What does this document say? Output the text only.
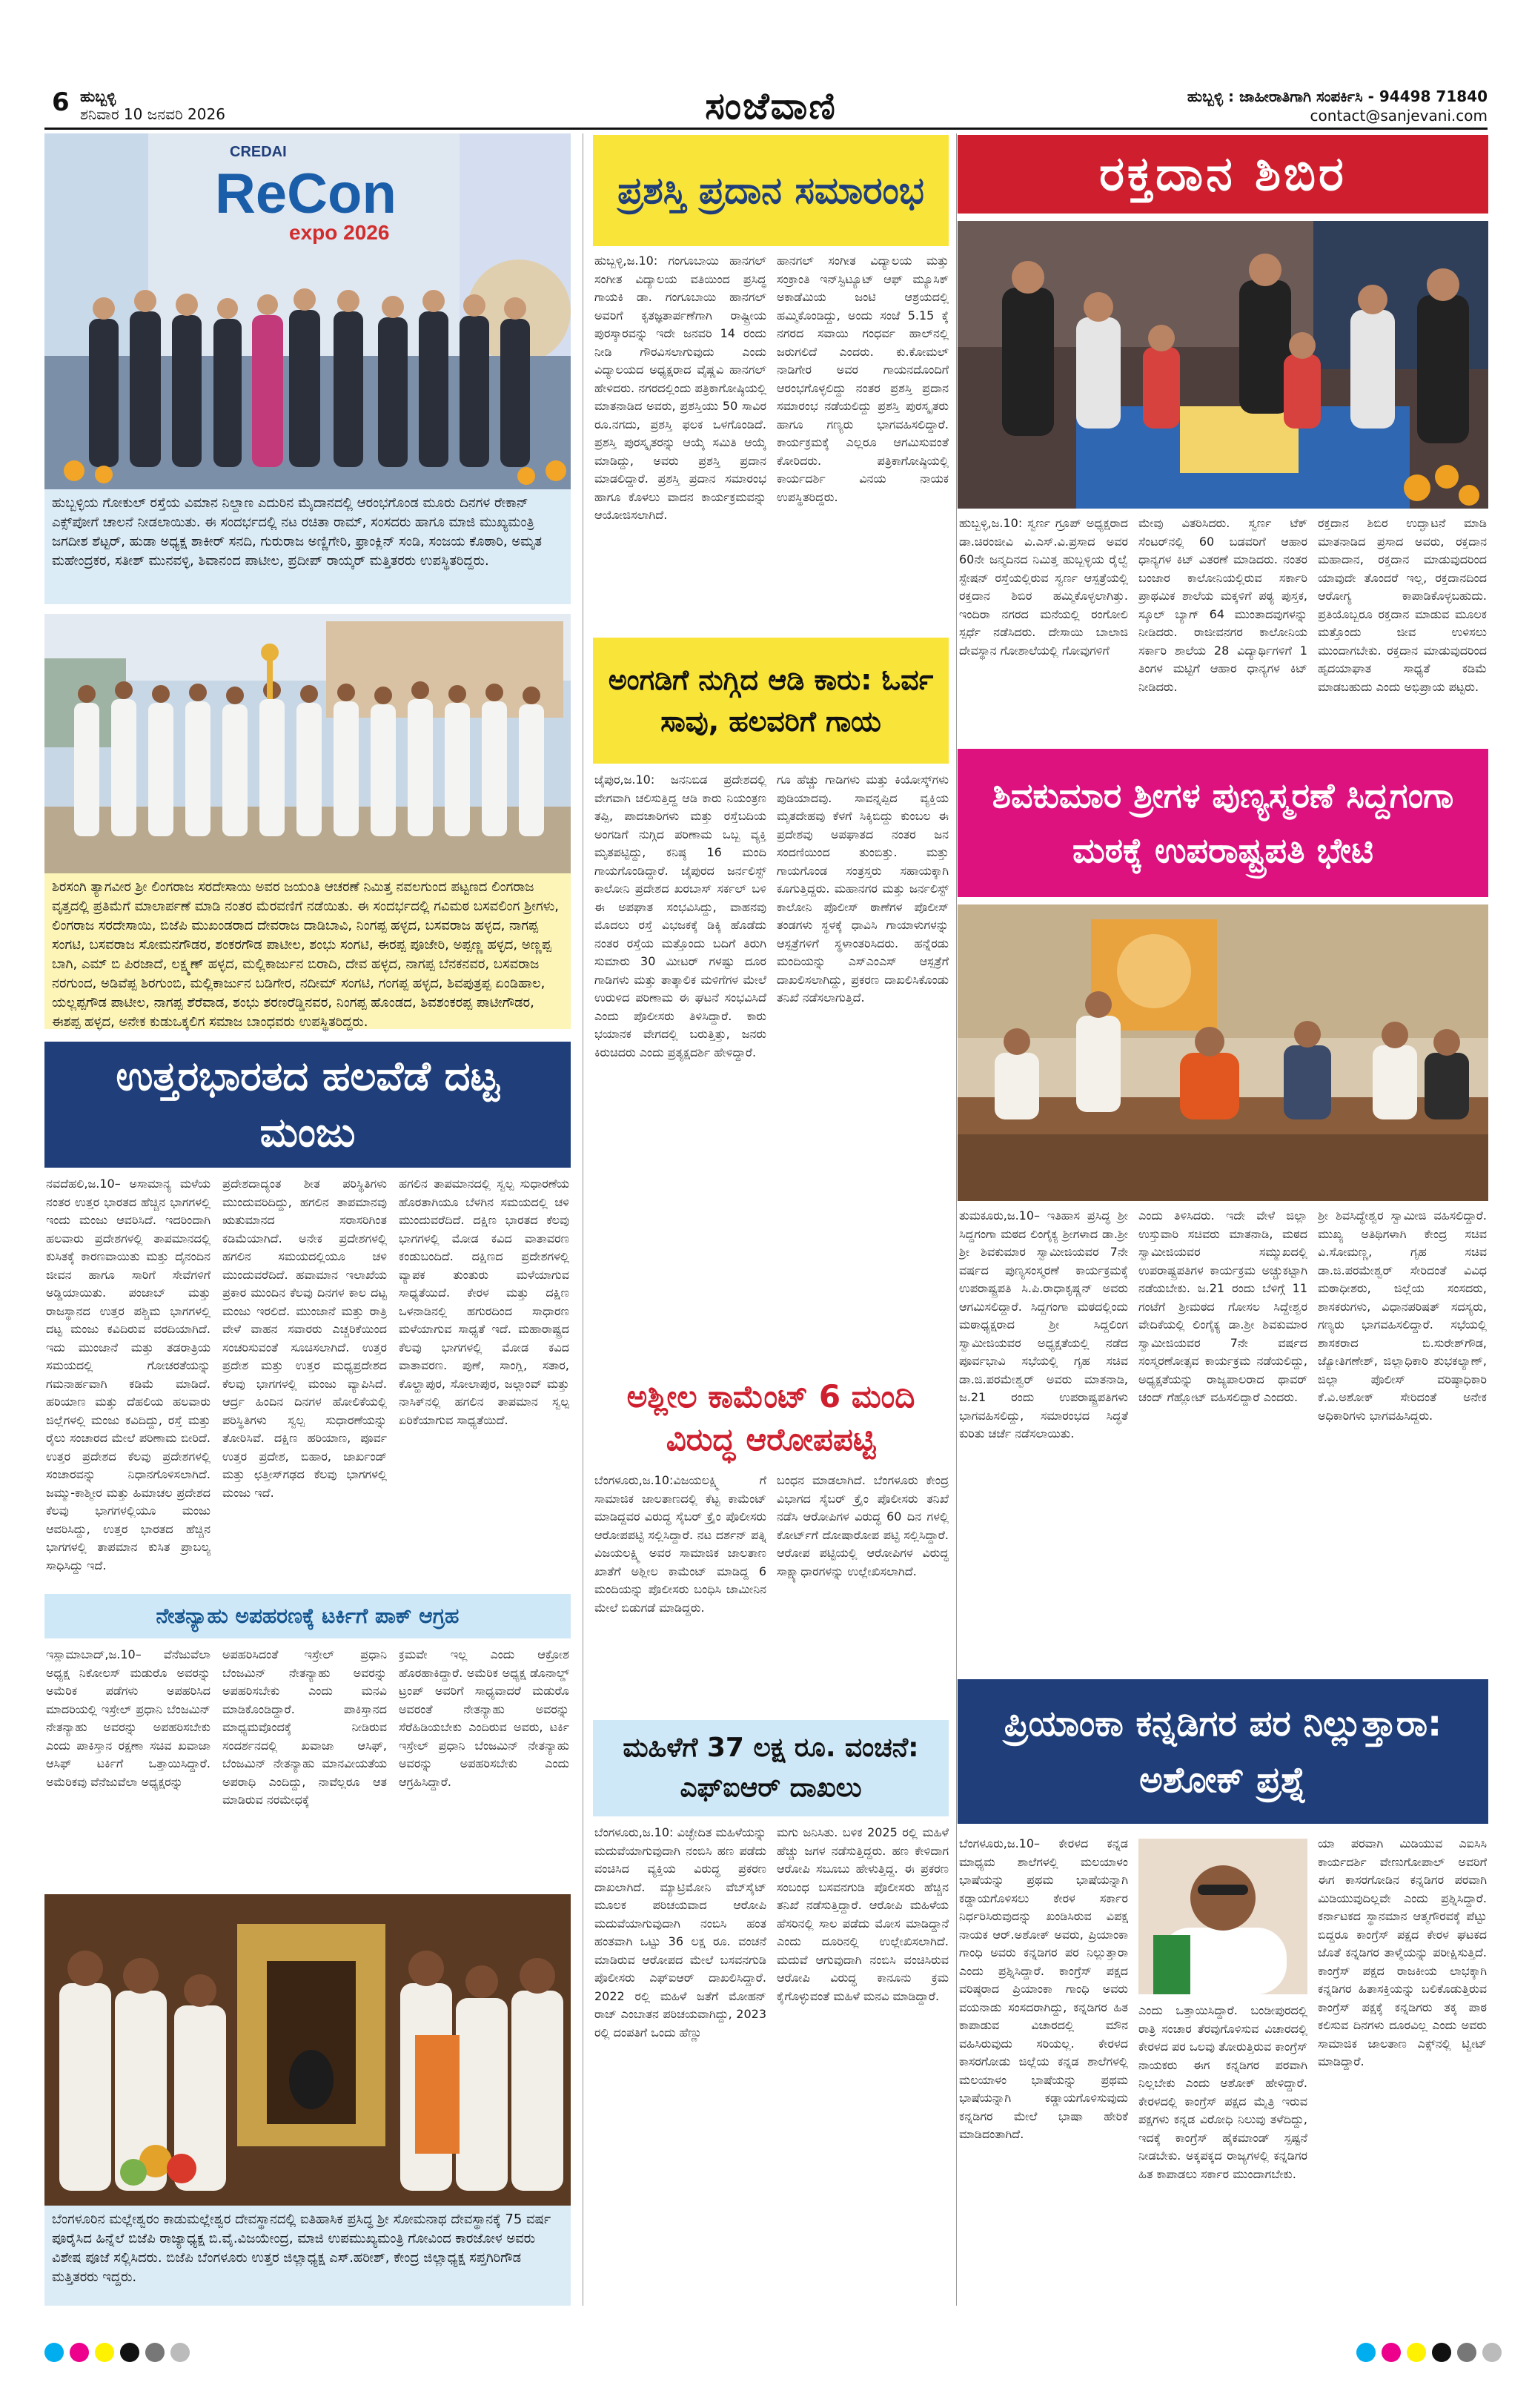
6 ಹುಬ್ಬಳ್ಳಿ
ಶನಿವಾರ 10 ಜನವರಿ 2026	ಸಂಜೆವಾಣಿ	ಹುಬ್ಬಳ್ಳಿ : ಜಾಹೀರಾತಿಗಾಗಿ ಸಂಪರ್ಕಿಸಿ - 94498 71840
contact@sanjevani.com
CREDAI
ReCon
expo 2026
ಹುಬ್ಬಳ್ಳಿಯ ಗೋಕುಲ್ ರಸ್ತೆಯ ವಿಮಾನ ನಿಲ್ದಾಣ ಎದುರಿನ ಮೈದಾನದಲ್ಲಿ ಆರಂಭಗೊಂಡ ಮೂರು ದಿನಗಳ ರೇಕಾನ್ ಎಕ್ಸ್‌ಪೋಗೆ ಚಾಲನೆ ನೀಡಲಾಯಿತು. ಈ ಸಂದರ್ಭದಲ್ಲಿ ನಟ ರಚಿತಾ ರಾಮ್, ಸಂಸದರು ಹಾಗೂ ಮಾಜಿ ಮುಖ್ಯಮಂತ್ರಿ ಜಗದೀಶ ಶೆಟ್ಟರ್, ಹುಡಾ ಅಧ್ಯಕ್ಷ ಶಾಕೀರ್ ಸನದಿ, ಗುರುರಾಜ ಅಣ್ಣಿಗೇರಿ, ಫ್ರಾಂಕ್ಲಿನ್ ಸಂಡಿ, ಸಂಜಯ ಕೊಠಾರಿ, ಅಮೃತ ಮಹೇಂದ್ರಕರ, ಸತೀಶ್ ಮುನವಳ್ಳಿ, ಶಿವಾನಂದ ಪಾಟೀಲ, ಪ್ರದೀಪ್ ರಾಯ್ಕರ್ ಮತ್ತಿತರರು ಉಪಸ್ಥಿತರಿದ್ದರು.
ಶಿರಸಂಗಿ ತ್ಯಾಗವೀರ ಶ್ರೀ ಲಿಂಗರಾಜ ಸರದೇಸಾಯಿ ಅವರ ಜಯಂತಿ ಆಚರಣೆ ನಿಮಿತ್ತ ನವಲಗುಂದ ಪಟ್ಟಣದ ಲಿಂಗರಾಜ ವೃತ್ತದಲ್ಲಿ ಪ್ರತಿಮೆಗೆ ಮಾಲಾರ್ಪಣೆ ಮಾಡಿ ನಂತರ ಮೆರವಣಿಗೆ ನಡೆಯಿತು. ಈ ಸಂದರ್ಭದಲ್ಲಿ ಗವಿಮಠ ಬಸವಲಿಂಗ ಶ್ರೀಗಳು, ಲಿಂಗರಾಜ ಸರದೇಸಾಯಿ, ಬಿಜೆಪಿ ಮುಖಂಡರಾದ ದೇವರಾಜ ದಾಡಿಬಾವಿ, ನಿಂಗಪ್ಪ ಹಳ್ಳದ, ಬಸವರಾಜ ಹಳ್ಳದ, ನಾಗಪ್ಪ ಸಂಗಟಿ, ಬಸವರಾಜ ಸೋಮನಗೌಡರ, ಶಂಕರಗೌಡ ಪಾಟೀಲ, ಶಂಭು ಸಂಗಟಿ, ಈರಪ್ಪ ಪೂಜೇರಿ, ಅಪ್ಪಣ್ಣ ಹಳ್ಳದ, ಅಣ್ಣಪ್ಪ ಬಾಗಿ, ಎಮ್ ಬಿ ಪಿರಜಾದೆ, ಲಕ್ಷ್ಮಣ್ ಹಳ್ಳದ, ಮಲ್ಲಿಕಾರ್ಜುನ ಬಿರಾದಿ, ದೇವ ಹಳ್ಳದ, ನಾಗಪ್ಪ ಬೆನಕನವರ, ಬಸವರಾಜ ನರಗುಂದ, ಅಡಿವೆಪ್ಪ ಶಿರಗುಂಬಿ, ಮಲ್ಲಿಕಾರ್ಜುನ ಬಡಿಗೇರ, ನದೀಮ್ ಸಂಗಟಿ, ಗಂಗಪ್ಪ ಹಳ್ಳದ, ಶಿವಪುತ್ರಪ್ಪ ಏಂಡಿಹಾಲ, ಯಲ್ಲಪ್ಪಗೌಡ ಪಾಟೀಲ, ನಾಗಪ್ಪ ಶೆರೆವಾಡ, ಶಂಭು ಶರಣರೆಡ್ಡಿನವರ, ನಿಂಗಪ್ಪ ಹೊಂಡದ, ಶಿವಶಂಕರಪ್ಪ ಪಾಟೀಗೌಡರ, ಈಶಪ್ಪ ಹಳ್ಳದ, ಅನೇಕ ಕುಡುಒಕ್ಕಲಿಗ ಸಮಾಜ ಬಾಂಧವರು ಉಪಸ್ಥಿತರಿದ್ದರು.
ಉತ್ತರಭಾರತದ ಹಲವೆಡೆ ದಟ್ಟ ಮಂಜು
ನವದೆಹಲಿ,ಜ.10– ಅಸಾಮಾನ್ಯ ಮಳೆಯ ನಂತರ ಉತ್ತರ ಭಾರತದ ಹೆಚ್ಚಿನ ಭಾಗಗಳಲ್ಲಿ ಇಂದು ಮಂಜು ಆವರಿಸಿದೆ. ಇದರಿಂದಾಗಿ ಹಲವಾರು ಪ್ರದೇಶಗಳಲ್ಲಿ ತಾಪಮಾನದಲ್ಲಿ ಕುಸಿತಕ್ಕೆ ಕಾರಣವಾಯಿತು ಮತ್ತು ದೈನಂದಿನ ಜೀವನ ಹಾಗೂ ಸಾರಿಗೆ ಸೇವೆಗಳಿಗೆ ಅಡ್ಡಿಯಾಯಿತು. ಪಂಜಾಬ್ ಮತ್ತು ರಾಜಸ್ಥಾನದ ಉತ್ತರ ಪಶ್ಚಿಮ ಭಾಗಗಳಲ್ಲಿ ದಟ್ಟ ಮಂಜು ಕವಿದಿರುವ ವರದಿಯಾಗಿದೆ. ಇದು ಮುಂಜಾನೆ ಮತ್ತು ತಡರಾತ್ರಿಯ ಸಮಯದಲ್ಲಿ ಗೋಚರತೆಯನ್ನು ಗಮನಾರ್ಹವಾಗಿ ಕಡಿಮೆ ಮಾಡಿದೆ. ಹರಿಯಾಣ ಮತ್ತು ದೆಹಲಿಯ ಹಲವಾರು ಜಿಲ್ಲೆಗಳಲ್ಲಿ ಮಂಜು ಕವಿದಿದ್ದು, ರಸ್ತೆ ಮತ್ತು ರೈಲು ಸಂಚಾರದ ಮೇಲೆ ಪರಿಣಾಮ ಬೀರಿದೆ. ಉತ್ತರ ಪ್ರದೇಶದ ಕೆಲವು ಪ್ರದೇಶಗಳಲ್ಲಿ ಸಂಚಾರವನ್ನು ನಿಧಾನಗೊಳಿಸಲಾಗಿದೆ. ಜಮ್ಮು-ಕಾಶ್ಮೀರ ಮತ್ತು ಹಿಮಾಚಲ ಪ್ರದೇಶದ ಕೆಲವು ಭಾಗಗಳಲ್ಲಿಯೂ ಮಂಜು ಆವರಿಸಿದ್ದು, ಉತ್ತರ ಭಾರತದ ಹೆಚ್ಚಿನ ಭಾಗಗಳಲ್ಲಿ ತಾಪಮಾನ ಕುಸಿತ ಪ್ರಾಬಲ್ಯ ಸಾಧಿಸಿದ್ದು ಇದೆ.
ಪ್ರದೇಶದಾದ್ಯಂತ ಶೀತ ಪರಿಸ್ಥಿತಿಗಳು ಮುಂದುವರಿದಿದ್ದು, ಹಗಲಿನ ತಾಪಮಾನವು ಋತುಮಾನದ ಸರಾಸರಿಗಿಂತ ಕಡಿಮೆಯಾಗಿದೆ. ಅನೇಕ ಪ್ರದೇಶಗಳಲ್ಲಿ ಹಗಲಿನ ಸಮಯದಲ್ಲಿಯೂ ಚಳಿ ಮುಂದುವರೆದಿದೆ. ಹವಾಮಾನ ಇಲಾಖೆಯ ಪ್ರಕಾರ ಮುಂದಿನ ಕೆಲವು ದಿನಗಳ ಕಾಲ ದಟ್ಟ ಮಂಜು ಇರಲಿದೆ. ಮುಂಜಾನೆ ಮತ್ತು ರಾತ್ರಿ ವೇಳೆ ವಾಹನ ಸವಾರರು ಎಚ್ಚರಿಕೆಯಿಂದ ಸಂಚರಿಸುವಂತೆ ಸೂಚಿಸಲಾಗಿದೆ. ಉತ್ತರ ಪ್ರದೇಶ ಮತ್ತು ಉತ್ತರ ಮಧ್ಯಪ್ರದೇಶದ ಕೆಲವು ಭಾಗಗಳಲ್ಲಿ ಮಂಜು ವ್ಯಾಪಿಸಿದೆ. ಆರ್ದ್ರ ಹಿಂದಿನ ದಿನಗಳ ಹೋಲಿಕೆಯಲ್ಲಿ ಪರಿಸ್ಥಿತಿಗಳು ಸ್ವಲ್ಪ ಸುಧಾರಣೆಯನ್ನು ತೋರಿಸಿವೆ. ದಕ್ಷಿಣ ಹರಿಯಾಣ, ಪೂರ್ವ ಉತ್ತರ ಪ್ರದೇಶ, ಬಿಹಾರ, ಜಾರ್ಖಂಡ್ ಮತ್ತು ಛತ್ತೀಸ್‌ಗಢದ ಕೆಲವು ಭಾಗಗಳಲ್ಲಿ ಮಂಜು ಇದೆ.
ಹಗಲಿನ ತಾಪಮಾನದಲ್ಲಿ ಸ್ವಲ್ಪ ಸುಧಾರಣೆಯ ಹೊರತಾಗಿಯೂ ಬೆಳಗಿನ ಸಮಯದಲ್ಲಿ ಚಳಿ ಮುಂದುವರೆದಿದೆ. ದಕ್ಷಿಣ ಭಾರತದ ಕೆಲವು ಭಾಗಗಳಲ್ಲಿ ಮೋಡ ಕವಿದ ವಾತಾವರಣ ಕಂಡುಬಂದಿದೆ. ದಕ್ಷಿಣದ ಪ್ರದೇಶಗಳಲ್ಲಿ ವ್ಯಾಪಕ ತುಂತುರು ಮಳೆಯಾಗುವ ಸಾಧ್ಯತೆಯಿದೆ. ಕೇರಳ ಮತ್ತು ದಕ್ಷಿಣ ಒಳನಾಡಿನಲ್ಲಿ ಹಗುರದಿಂದ ಸಾಧಾರಣ ಮಳೆಯಾಗುವ ಸಾಧ್ಯತೆ ಇದೆ. ಮಹಾರಾಷ್ಟ್ರದ ಕೆಲವು ಭಾಗಗಳಲ್ಲಿ ಮೋಡ ಕವಿದ ವಾತಾವರಣ. ಪುಣೆ, ಸಾಂಗ್ಲಿ, ಸತಾರ, ಕೊಲ್ಹಾಪುರ, ಸೋಲಾಪುರ, ಜಲ್ಗಾಂವ್ ಮತ್ತು ನಾಸಿಕ್‌ನಲ್ಲಿ ಹಗಲಿನ ತಾಪಮಾನ ಸ್ವಲ್ಪ ಏರಿಕೆಯಾಗುವ ಸಾಧ್ಯತೆಯಿದೆ.
ನೇತನ್ಯಾಹು ಅಪಹರಣಕ್ಕೆ ಟರ್ಕಿಗೆ ಪಾಕ್ ಆಗ್ರಹ
ಇಸ್ಲಾಮಾಬಾದ್,ಜ.10– ವೆನೆಜುವೆಲಾ ಅಧ್ಯಕ್ಷ ನಿಕೋಲಸ್ ಮಡುರೊ ಅವರನ್ನು ಅಮೆರಿಕ ಪಡೆಗಳು ಅಪಹರಿಸಿದ ಮಾದರಿಯಲ್ಲಿ ಇಸ್ರೇಲ್ ಪ್ರಧಾನಿ ಬೆಂಜಮಿನ್ ನೇತನ್ಯಾಹು ಅವರನ್ನು ಅಪಹರಿಸಬೇಕು ಎಂದು ಪಾಕಿಸ್ತಾನ ರಕ್ಷಣಾ ಸಚಿವ ಖವಾಜಾ ಆಸಿಫ್ ಟರ್ಕಿಗೆ ಒತ್ತಾಯಿಸಿದ್ದಾರೆ. ಅಮೆರಿಕವು ವೆನೆಜುವೆಲಾ ಅಧ್ಯಕ್ಷರನ್ನು
ಅಪಹರಿಸಿದಂತೆ ಇಸ್ರೇಲ್ ಪ್ರಧಾನಿ ಬೆಂಜಮಿನ್ ನೇತನ್ಯಾಹು ಅವರನ್ನು ಅಪಹರಿಸಬೇಕು ಎಂದು ಮನವಿ ಮಾಡಿಕೊಂಡಿದ್ದಾರೆ. ಪಾಕಿಸ್ತಾನದ ಮಾಧ್ಯಮವೊಂದಕ್ಕೆ ನೀಡಿರುವ ಸಂದರ್ಶನದಲ್ಲಿ ಖವಾಜಾ ಆಸಿಫ್, ಬೆಂಜಮಿನ್ ನೇತನ್ಯಾಹು ಮಾನವೀಯತೆಯ ಅಪರಾಧಿ ಎಂದಿದ್ದು, ನಾವೆಲ್ಲರೂ ಆತ ಮಾಡಿರುವ ನರಮೇಧಕ್ಕೆ
ಕ್ರಮವೇ ಇಲ್ಲ ಎಂದು ಆಕ್ರೋಶ ಹೊರಹಾಕಿದ್ದಾರೆ. ಅಮೆರಿಕ ಅಧ್ಯಕ್ಷ ಡೊನಾಲ್ಡ್ ಟ್ರಂಪ್ ಅವರಿಗೆ ಸಾಧ್ಯವಾದರೆ ಮಡುರೊ ಅವರಂತೆ ನೇತನ್ಯಾಹು ಅವರನ್ನು ಸೆರೆಹಿಡಿಯಬೇಕು ಎಂದಿರುವ ಅವರು, ಟರ್ಕಿ ಇಸ್ರೇಲ್ ಪ್ರಧಾನಿ ಬೆಂಜಮಿನ್ ನೇತನ್ಯಾಹು ಅವರನ್ನು ಅಪಹರಿಸಬೇಕು ಎಂದು ಆಗ್ರಹಿಸಿದ್ದಾರೆ.
ಬೆಂಗಳೂರಿನ ಮಲ್ಲೇಶ್ವರಂ ಕಾಡುಮಲ್ಲೇಶ್ವರ ದೇವಸ್ಥಾನದಲ್ಲಿ ಐತಿಹಾಸಿಕ ಪ್ರಸಿದ್ಧ ಶ್ರೀ ಸೋಮನಾಥ ದೇವಸ್ಥಾನಕ್ಕೆ 75 ವರ್ಷ ಪೂರೈಸಿದ ಹಿನ್ನೆಲೆ ಬಿಜೆಪಿ ರಾಜ್ಯಾಧ್ಯಕ್ಷ ಬಿ.ವೈ.ವಿಜಯೇಂದ್ರ, ಮಾಜಿ ಉಪಮುಖ್ಯಮಂತ್ರಿ ಗೋವಿಂದ ಕಾರಜೋಳ ಅವರು ವಿಶೇಷ ಪೂಜೆ ಸಲ್ಲಿಸಿದರು. ಬಿಜೆಪಿ ಬೆಂಗಳೂರು ಉತ್ತರ ಜಿಲ್ಲಾಧ್ಯಕ್ಷ ಎಸ್.ಹರೀಶ್, ಕೇಂದ್ರ ಜಿಲ್ಲಾಧ್ಯಕ್ಷ ಸಪ್ತಗಿರಿಗೌಡ ಮತ್ತಿತರರು ಇದ್ದರು.
ಪ್ರಶಸ್ತಿ ಪ್ರದಾನ ಸಮಾರಂಭ
ಹುಬ್ಬಳ್ಳಿ,ಜ.10: ಗಂಗೂಬಾಯಿ ಹಾನಗಲ್ ಸಂಗೀತ ವಿದ್ಯಾಲಯ ವತಿಯಿಂದ ಪ್ರಸಿದ್ಧ ಗಾಯಕಿ ಡಾ. ಗಂಗೂಬಾಯಿ ಹಾನಗಲ್ ಅವರಿಗೆ ಕೃತಜ್ಞತಾರ್ಪಣೆಗಾಗಿ ರಾಷ್ಟ್ರೀಯ ಪುರಸ್ಕಾರವನ್ನು ಇದೇ ಜನವರಿ 14 ರಂದು ನೀಡಿ ಗೌರವಿಸಲಾಗುವುದು ಎಂದು ವಿದ್ಯಾಲಯದ ಅಧ್ಯಕ್ಷರಾದ ವೈಷ್ಣವಿ ಹಾನಗಲ್ ಹೇಳಿದರು. ನಗರದಲ್ಲಿಂದು ಪತ್ರಿಕಾಗೋಷ್ಠಿಯಲ್ಲಿ ಮಾತನಾಡಿದ ಅವರು, ಪ್ರಶಸ್ತಿಯು 50 ಸಾವಿರ ರೂ.ನಗದು, ಪ್ರಶಸ್ತಿ ಫಲಕ ಒಳಗೊಂಡಿದೆ. ಪ್ರಶಸ್ತಿ ಪುರಸ್ಕೃತರನ್ನು ಆಯ್ಕೆ ಸಮಿತಿ ಆಯ್ಕೆ ಮಾಡಿದ್ದು, ಅವರು ಪ್ರಶಸ್ತಿ ಪ್ರದಾನ ಮಾಡಲಿದ್ದಾರೆ. ಪ್ರಶಸ್ತಿ ಪ್ರದಾನ ಸಮಾರಂಭ ಹಾಗೂ ಕೊಳಲು ವಾದನ ಕಾರ್ಯಕ್ರಮವನ್ನು ಆಯೋಜಿಸಲಾಗಿದೆ.
ಹಾನಗಲ್ ಸಂಗೀತ ವಿದ್ಯಾಲಯ ಮತ್ತು ಸಂಕ್ರಾಂತಿ ಇನ್‌ಸ್ಟಿಟ್ಯೂಟ್ ಆಫ್ ಮ್ಯೂಸಿಕ್ ಅಕಾಡೆಮಿಯ ಜಂಟಿ ಆಶ್ರಯದಲ್ಲಿ ಹಮ್ಮಿಕೊಂಡಿದ್ದು, ಅಂದು ಸಂಜೆ 5.15 ಕ್ಕೆ ನಗರದ ಸವಾಯಿ ಗಂಧರ್ವ ಹಾಲ್‌ನಲ್ಲಿ ಜರುಗಲಿದೆ ಎಂದರು. ಕು.ಕೋಮಲ್ ನಾಡಿಗೇರ ಅವರ ಗಾಯನದೊಂದಿಗೆ ಆರಂಭಗೊಳ್ಳಲಿದ್ದು ನಂತರ ಪ್ರಶಸ್ತಿ ಪ್ರದಾನ ಸಮಾರಂಭ ನಡೆಯಲಿದ್ದು ಪ್ರಶಸ್ತಿ ಪುರಸ್ಕೃತರು ಹಾಗೂ ಗಣ್ಯರು ಭಾಗವಹಿಸಲಿದ್ದಾರೆ. ಕಾರ್ಯಕ್ರಮಕ್ಕೆ ಎಲ್ಲರೂ ಆಗಮಿಸುವಂತೆ ಕೋರಿದರು. ಪತ್ರಿಕಾಗೋಷ್ಠಿಯಲ್ಲಿ ಕಾರ್ಯದರ್ಶಿ ವಿನಯ ನಾಯಕ ಉಪಸ್ಥಿತರಿದ್ದರು.
ಅಂಗಡಿಗೆ ನುಗ್ಗಿದ ಆಡಿ ಕಾರು: ಓರ್ವ ಸಾವು, ಹಲವರಿಗೆ ಗಾಯ
ಜೈಪುರ,ಜ.10: ಜನನಿಬಿಡ ಪ್ರದೇಶದಲ್ಲಿ ವೇಗವಾಗಿ ಚಲಿಸುತ್ತಿದ್ದ ಆಡಿ ಕಾರು ನಿಯಂತ್ರಣ ತಪ್ಪಿ, ಪಾದಚಾರಿಗಳು ಮತ್ತು ರಸ್ತೆಬದಿಯ ಅಂಗಡಿಗೆ ನುಗ್ಗಿದ ಪರಿಣಾಮ ಒಬ್ಬ ವ್ಯಕ್ತಿ ಮೃತಪಟ್ಟಿದ್ದು, ಕನಿಷ್ಠ 16 ಮಂದಿ ಗಾಯಗೊಂಡಿದ್ದಾರೆ. ಜೈಪುರದ ಜರ್ನಲಿಸ್ಟ್ ಕಾಲೋನಿ ಪ್ರದೇಶದ ಖರಬಾಸ್ ಸರ್ಕಲ್ ಬಳಿ ಈ ಅಪಘಾತ ಸಂಭವಿಸಿದ್ದು, ವಾಹನವು ಮೊದಲು ರಸ್ತೆ ವಿಭಜಕಕ್ಕೆ ಡಿಕ್ಕಿ ಹೊಡೆದು ನಂತರ ರಸ್ತೆಯ ಮತ್ತೊಂದು ಬದಿಗೆ ತಿರುಗಿ ಸುಮಾರು 30 ಮೀಟರ್ ಗಳಷ್ಟು ದೂರ ಗಾಡಿಗಳು ಮತ್ತು ತಾತ್ಕಾಲಿಕ ಮಳಿಗೆಗಳ ಮೇಲೆ ಉರುಳಿದ ಪರಿಣಾಮ ಈ ಘಟನೆ ಸಂಭವಿಸಿದೆ ಎಂದು ಪೊಲೀಸರು ತಿಳಿಸಿದ್ದಾರೆ. ಕಾರು ಭಯಾನಕ ವೇಗದಲ್ಲಿ ಬರುತ್ತಿತ್ತು, ಜನರು ಕಿರುಚಿದರು ಎಂದು ಪ್ರತ್ಯಕ್ಷದರ್ಶಿ ಹೇಳಿದ್ದಾರೆ.
ಗೂ ಹೆಚ್ಚು ಗಾಡಿಗಳು ಮತ್ತು ಕಿಯೋಸ್ಕ್‌ಗಳು ಪುಡಿಯಾದವು. ಸಾವನ್ನಪ್ಪಿದ ವ್ಯಕ್ತಿಯ ಮೃತದೇಹವು ಕೆಳಗೆ ಸಿಕ್ಕಿಬಿದ್ದು ಕುಂಬಲ ಈ ಪ್ರದೇಶವು ಅಪಘಾತದ ನಂತರ ಜನ ಸಂದಣಿಯಿಂದ ತುಂಬಿತ್ತು. ಮತ್ತು ಗಾಯಗೊಂಡ ಸಂತ್ರಸ್ತರು ಸಹಾಯಕ್ಕಾಗಿ ಕೂಗುತ್ತಿದ್ದರು. ಮಹಾನಗರ ಮತ್ತು ಜರ್ನಲಿಸ್ಟ್ ಕಾಲೋನಿ ಪೊಲೀಸ್ ಠಾಣೆಗಳ ಪೊಲೀಸ್ ತಂಡಗಳು ಸ್ಥಳಕ್ಕೆ ಧಾವಿಸಿ ಗಾಯಾಳುಗಳನ್ನು ಆಸ್ಪತ್ರೆಗಳಿಗೆ ಸ್ಥಳಾಂತರಿಸಿದರು. ಹನ್ನೆರಡು ಮಂದಿಯನ್ನು ಎಸ್‌ಎಂಎಸ್ ಆಸ್ಪತ್ರೆಗೆ ದಾಖಲಿಸಲಾಗಿದ್ದು, ಪ್ರಕರಣ ದಾಖಲಿಸಿಕೊಂಡು ತನಿಖೆ ನಡೆಸಲಾಗುತ್ತಿದೆ.
ಅಶ್ಲೀಲ ಕಾಮೆಂಟ್ 6 ಮಂದಿ ವಿರುದ್ಧ ಆರೋಪಪಟ್ಟಿ
ಬೆಂಗಳೂರು,ಜ.10:ವಿಜಯಲಕ್ಷ್ಮಿ ಗೆ ಸಾಮಾಜಿಕ ಜಾಲತಾಣದಲ್ಲಿ ಕೆಟ್ಟ ಕಾಮೆಂಟ್ ಮಾಡಿದ್ದವರ ವಿರುದ್ಧ ಸೈಬರ್ ಕ್ರೈಂ ಪೊಲೀಸರು ಆರೋಪಪಟ್ಟಿ ಸಲ್ಲಿಸಿದ್ದಾರೆ. ನಟ ದರ್ಶನ್ ಪತ್ನಿ ವಿಜಯಲಕ್ಷ್ಮಿ ಅವರ ಸಾಮಾಜಿಕ ಜಾಲತಾಣ ಖಾತೆಗೆ ಅಶ್ಲೀಲ ಕಾಮೆಂಟ್ ಮಾಡಿದ್ದ 6 ಮಂದಿಯನ್ನು ಪೊಲೀಸರು ಬಂಧಿಸಿ ಜಾಮೀನಿನ ಮೇಲೆ ಬಿಡುಗಡೆ ಮಾಡಿದ್ದರು.
ಬಂಧನ ಮಾಡಲಾಗಿದೆ. ಬೆಂಗಳೂರು ಕೇಂದ್ರ ವಿಭಾಗದ ಸೈಬರ್ ಕ್ರೈಂ ಪೊಲೀಸರು ತನಿಖೆ ನಡೆಸಿ ಆರೋಪಿಗಳ ವಿರುದ್ಧ 60 ದಿನ ಗಳಲ್ಲಿ ಕೋರ್ಟ್‌ಗೆ ದೋಷಾರೋಪ ಪಟ್ಟಿ ಸಲ್ಲಿಸಿದ್ದಾರೆ. ಆರೋಪ ಪಟ್ಟಿಯಲ್ಲಿ ಆರೋಪಿಗಳ ವಿರುದ್ಧ ಸಾಕ್ಷ್ಯಾಧಾರಗಳನ್ನು ಉಲ್ಲೇಖಿಸಲಾಗಿದೆ.
ಮಹಿಳೆಗೆ 37 ಲಕ್ಷ ರೂ. ವಂಚನೆ: ಎಫ್‌ಐಆರ್ ದಾಖಲು
ಬೆಂಗಳೂರು,ಜ.10: ವಿಚ್ಛೇದಿತ ಮಹಿಳೆಯನ್ನು ಮದುವೆಯಾಗುವುದಾಗಿ ನಂಬಿಸಿ ಹಣ ಪಡೆದು ವಂಚಿಸಿದ ವ್ಯಕ್ತಿಯ ವಿರುದ್ಧ ಪ್ರಕರಣ ದಾಖಲಾಗಿದೆ. ಮ್ಯಾಟ್ರಿಮೋನಿ ವೆಬ್‌ಸೈಟ್ ಮೂಲಕ ಪರಿಚಯವಾದ ಆರೋಪಿ ಮದುವೆಯಾಗುವುದಾಗಿ ನಂಬಿಸಿ ಹಂತ ಹಂತವಾಗಿ ಒಟ್ಟು 36 ಲಕ್ಷ ರೂ. ವಂಚನೆ ಮಾಡಿರುವ ಆರೋಪದ ಮೇಲೆ ಬಸವನಗುಡಿ ಪೊಲೀಸರು ಎಫ್‌ಐಆರ್ ದಾಖಲಿಸಿದ್ದಾರೆ. 2022 ರಲ್ಲಿ ಮಹಿಳೆ ಜತೆಗೆ ಮೋಹನ್ ರಾಜ್ ಎಂಬಾತನ ಪರಿಚಯವಾಗಿದ್ದು, 2023 ರಲ್ಲಿ ದಂಪತಿಗೆ ಒಂದು ಹೆಣ್ಣು
ಮಗು ಜನಿಸಿತು. ಬಳಿಕ 2025 ರಲ್ಲಿ ಮಹಿಳೆ ಹೆಚ್ಚು ಜಗಳ ನಡೆಸುತ್ತಿದ್ದರು. ಹಣ ಕೇಳಿದಾಗ ಆರೋಪಿ ಸಬೂಬು ಹೇಳುತ್ತಿದ್ದ. ಈ ಪ್ರಕರಣ ಸಂಬಂಧ ಬಸವನಗುಡಿ ಪೊಲೀಸರು ಹೆಚ್ಚಿನ ತನಿಖೆ ನಡೆಸುತ್ತಿದ್ದಾರೆ. ಆರೋಪಿ ಮಹಿಳೆಯ ಹೆಸರಿನಲ್ಲಿ ಸಾಲ ಪಡೆದು ಮೋಸ ಮಾಡಿದ್ದಾನೆ ಎಂದು ದೂರಿನಲ್ಲಿ ಉಲ್ಲೇಖಿಸಲಾಗಿದೆ. ಮದುವೆ ಆಗುವುದಾಗಿ ನಂಬಿಸಿ ವಂಚಿಸಿರುವ ಆರೋಪಿ ವಿರುದ್ಧ ಕಾನೂನು ಕ್ರಮ ಕೈಗೊಳ್ಳುವಂತೆ ಮಹಿಳೆ ಮನವಿ ಮಾಡಿದ್ದಾರೆ.
ರಕ್ತದಾನ ಶಿಬಿರ
ಹುಬ್ಬಳ್ಳಿ,ಜ.10: ಸ್ವರ್ಣ ಗ್ರೂಪ್ ಅಧ್ಯಕ್ಷರಾದ ಡಾ.ಚಿರಂಜೀವಿ ವಿ.ಎಸ್.ವಿ.ಪ್ರಸಾದ ಅವರ 60ನೇ ಜನ್ಮದಿನದ ನಿಮಿತ್ತ ಹುಬ್ಬಳ್ಳಿಯ ರೈಲ್ವೆ ಸ್ಟೇಷನ್ ರಸ್ತೆಯಲ್ಲಿರುವ ಸ್ವರ್ಣ ಆಸ್ಪತ್ರೆಯಲ್ಲಿ ರಕ್ತದಾನ ಶಿಬಿರ ಹಮ್ಮಿಕೊಳ್ಳಲಾಗಿತ್ತು. ಇಂದಿರಾ ನಗರದ ಮನೆಯಲ್ಲಿ ರಂಗೋಲಿ ಸ್ಪರ್ಧೆ ನಡೆಸಿದರು. ದೇಸಾಯಿ ಬಾಲಾಜಿ ದೇವಸ್ಥಾನ ಗೋಶಾಲೆಯಲ್ಲಿ ಗೋವುಗಳಿಗೆ
ಮೇವು ವಿತರಿಸಿದರು. ಸ್ವರ್ಣ ಟೆಕ್ ಸೆಂಟರ್‌ನಲ್ಲಿ 60 ಬಡವರಿಗೆ ಆಹಾರ ಧಾನ್ಯಗಳ ಕಿಟ್ ವಿತರಣೆ ಮಾಡಿದರು. ನಂತರ ಬಂಜಾರ ಕಾಲೋನಿಯಲ್ಲಿರುವ ಸರ್ಕಾರಿ ಪ್ರಾಥಮಿಕ ಶಾಲೆಯ ಮಕ್ಕಳಿಗೆ ಪಠ್ಯ ಪುಸ್ತಕ, ಸ್ಕೂಲ್ ಬ್ಯಾಗ್ 64 ಮುಂತಾದವುಗಳನ್ನು ನೀಡಿದರು. ರಾಜೀವನಗರ ಕಾಲೋನಿಯ ಸರ್ಕಾರಿ ಶಾಲೆಯ 28 ವಿದ್ಯಾರ್ಥಿಗಳಿಗೆ 1 ತಿಂಗಳ ಮಟ್ಟಿಗೆ ಆಹಾರ ಧಾನ್ಯಗಳ ಕಿಟ್ ನೀಡಿದರು.
ರಕ್ತದಾನ ಶಿಬಿರ ಉದ್ಘಾಟನೆ ಮಾಡಿ ಮಾತನಾಡಿದ ಪ್ರಸಾದ ಅವರು, ರಕ್ತದಾನ ಮಹಾದಾನ, ರಕ್ತದಾನ ಮಾಡುವುದರಿಂದ ಯಾವುದೇ ತೊಂದರೆ ಇಲ್ಲ, ರಕ್ತದಾನದಿಂದ ಆರೋಗ್ಯ ಕಾಪಾಡಿಕೊಳ್ಳಬಹುದು. ಪ್ರತಿಯೊಬ್ಬರೂ ರಕ್ತದಾನ ಮಾಡುವ ಮೂಲಕ ಮತ್ತೊಂದು ಜೀವ ಉಳಿಸಲು ಮುಂದಾಗಬೇಕು. ರಕ್ತದಾನ ಮಾಡುವುದರಿಂದ ಹೃದಯಾಘಾತ ಸಾಧ್ಯತೆ ಕಡಿಮೆ ಮಾಡಬಹುದು ಎಂದು ಅಭಿಪ್ರಾಯ ಪಟ್ಟರು.
ಶಿವಕುಮಾರ ಶ್ರೀಗಳ ಪುಣ್ಯಸ್ಮರಣೆ ಸಿದ್ದಗಂಗಾ ಮಠಕ್ಕೆ ಉಪರಾಷ್ಟ್ರಪತಿ ಭೇಟಿ
ತುಮಕೂರು,ಜ.10– ಇತಿಹಾಸ ಪ್ರಸಿದ್ಧ ಶ್ರೀ ಸಿದ್ದಗಂಗಾ ಮಠದ ಲಿಂಗೈಕ್ಯ ಶ್ರೀಗಳಾದ ಡಾ.ಶ್ರೀ ಶ್ರೀ ಶಿವಕುಮಾರ ಸ್ವಾಮೀಜಿಯವರ 7ನೇ ವರ್ಷದ ಪುಣ್ಯಸಂಸ್ಮರಣೆ ಕಾರ್ಯಕ್ರಮಕ್ಕೆ ಉಪರಾಷ್ಟ್ರಪತಿ ಸಿ.ಪಿ.ರಾಧಾಕೃಷ್ಣನ್ ಅವರು ಆಗಮಿಸಲಿದ್ದಾರೆ. ಸಿದ್ದಗಂಗಾ ಮಠದಲ್ಲಿಂದು ಮಠಾಧ್ಯಕ್ಷರಾದ ಶ್ರೀ ಸಿದ್ದಲಿಂಗ ಸ್ವಾಮೀಜಿಯವರ ಅಧ್ಯಕ್ಷತೆಯಲ್ಲಿ ನಡೆದ ಪೂರ್ವಭಾವಿ ಸಭೆಯಲ್ಲಿ ಗೃಹ ಸಚಿವ ಡಾ.ಜಿ.ಪರಮೇಶ್ವರ್ ಅವರು ಮಾತನಾಡಿ, ಜ.21 ರಂದು ಉಪರಾಷ್ಟ್ರಪತಿಗಳು ಭಾಗವಹಿಸಲಿದ್ದು, ಸಮಾರಂಭದ ಸಿದ್ಧತೆ ಕುರಿತು ಚರ್ಚೆ ನಡೆಸಲಾಯಿತು.
ಎಂದು ತಿಳಿಸಿದರು. ಇದೇ ವೇಳೆ ಜಿಲ್ಲಾ ಉಸ್ತುವಾರಿ ಸಚಿವರು ಮಾತನಾಡಿ, ಮಠದ ಸ್ವಾಮೀಜಿಯವರ ಸಮ್ಮುಖದಲ್ಲಿ ಉಪರಾಷ್ಟ್ರಪತಿಗಳ ಕಾರ್ಯಕ್ರಮ ಅಚ್ಚುಕಟ್ಟಾಗಿ ನಡೆಯಬೇಕು. ಜ.21 ರಂದು ಬೆಳಿಗ್ಗೆ 11 ಗಂಟೆಗೆ ಶ್ರೀಮಠದ ಗೋಸಲ ಸಿದ್ದೇಶ್ವರ ವೇದಿಕೆಯಲ್ಲಿ ಲಿಂಗೈಕ್ಯ ಡಾ.ಶ್ರೀ ಶಿವಕುಮಾರ ಸ್ವಾಮೀಜಿಯವರ 7ನೇ ವರ್ಷದ ಸಂಸ್ಮರಣೋತ್ಸವ ಕಾರ್ಯಕ್ರಮ ನಡೆಯಲಿದ್ದು, ಅಧ್ಯಕ್ಷತೆಯನ್ನು ರಾಜ್ಯಪಾಲರಾದ ಥಾವರ್ ಚಂದ್ ಗೆಹ್ಲೋಟ್ ವಹಿಸಲಿದ್ದಾರೆ ಎಂದರು.
ಶ್ರೀ ಶಿವಸಿದ್ಧೇಶ್ವರ ಸ್ವಾಮೀಜಿ ವಹಿಸಲಿದ್ದಾರೆ. ಮುಖ್ಯ ಅತಿಥಿಗಳಾಗಿ ಕೇಂದ್ರ ಸಚಿವ ವಿ.ಸೋಮಣ್ಣ, ಗೃಹ ಸಚಿವ ಡಾ.ಜಿ.ಪರಮೇಶ್ವರ್ ಸೇರಿದಂತೆ ವಿವಿಧ ಮಠಾಧೀಶರು, ಜಿಲ್ಲೆಯ ಸಂಸದರು, ಶಾಸಕರುಗಳು, ವಿಧಾನಪರಿಷತ್ ಸದಸ್ಯರು, ಗಣ್ಯರು ಭಾಗವಹಿಸಲಿದ್ದಾರೆ. ಸಭೆಯಲ್ಲಿ ಶಾಸಕರಾದ ಬಿ.ಸುರೇಶ್‌ಗೌಡ, ಜ್ಯೋತಿಗಣೇಶ್, ಜಿಲ್ಲಾಧಿಕಾರಿ ಶುಭಕಲ್ಯಾಣ್, ಜಿಲ್ಲಾ ಪೊಲೀಸ್ ವರಿಷ್ಠಾಧಿಕಾರಿ ಕೆ.ವಿ.ಅಶೋಕ್ ಸೇರಿದಂತೆ ಅನೇಕ ಅಧಿಕಾರಿಗಳು ಭಾಗವಹಿಸಿದ್ದರು.
ಪ್ರಿಯಾಂಕಾ ಕನ್ನಡಿಗರ ಪರ ನಿಲ್ಲುತ್ತಾರಾ: ಅಶೋಕ್ ಪ್ರಶ್ನೆ
ಬೆಂಗಳೂರು,ಜ.10– ಕೇರಳದ ಕನ್ನಡ ಮಾಧ್ಯಮ ಶಾಲೆಗಳಲ್ಲಿ ಮಲಯಾಳಂ ಭಾಷೆಯನ್ನು ಪ್ರಥಮ ಭಾಷೆಯನ್ನಾಗಿ ಕಡ್ಡಾಯಗೊಳಿಸಲು ಕೇರಳ ಸರ್ಕಾರ ನಿರ್ಧರಿಸಿರುವುದನ್ನು ಖಂಡಿಸಿರುವ ವಿಪಕ್ಷ ನಾಯಕ ಆರ್.ಅಶೋಕ್ ಅವರು, ಪ್ರಿಯಾಂಕಾ ಗಾಂಧಿ ಅವರು ಕನ್ನಡಿಗರ ಪರ ನಿಲ್ಲುತ್ತಾರಾ ಎಂದು ಪ್ರಶ್ನಿಸಿದ್ದಾರೆ. ಕಾಂಗ್ರೆಸ್ ಪಕ್ಷದ ವರಿಷ್ಠರಾದ ಪ್ರಿಯಾಂಕಾ ಗಾಂಧಿ ಅವರು ವಯನಾಡು ಸಂಸದರಾಗಿದ್ದು, ಕನ್ನಡಿಗರ ಹಿತ ಕಾಪಾಡುವ ವಿಚಾರದಲ್ಲಿ ಮೌನ ವಹಿಸಿರುವುದು ಸರಿಯಲ್ಲ. ಕೇರಳದ ಕಾಸರಗೋಡು ಜಿಲ್ಲೆಯ ಕನ್ನಡ ಶಾಲೆಗಳಲ್ಲಿ ಮಲಯಾಳಂ ಭಾಷೆಯನ್ನು ಪ್ರಥಮ ಭಾಷೆಯನ್ನಾಗಿ ಕಡ್ಡಾಯಗೊಳಿಸುವುದು ಕನ್ನಡಿಗರ ಮೇಲೆ ಭಾಷಾ ಹೇರಿಕೆ ಮಾಡಿದಂತಾಗಿದೆ.
ಎಂದು ಒತ್ತಾಯಿಸಿದ್ದಾರೆ. ಬಂಡೀಪುರದಲ್ಲಿ ರಾತ್ರಿ ಸಂಚಾರ ತೆರವುಗೊಳಿಸುವ ವಿಚಾರದಲ್ಲಿ ಕೇರಳದ ಪರ ಒಲವು ತೋರುತ್ತಿರುವ ಕಾಂಗ್ರೆಸ್ ನಾಯಕರು ಈಗ ಕನ್ನಡಿಗರ ಪರವಾಗಿ ನಿಲ್ಲಬೇಕು ಎಂದು ಅಶೋಕ್ ಹೇಳಿದ್ದಾರೆ. ಕೇರಳದಲ್ಲಿ ಕಾಂಗ್ರೆಸ್ ಪಕ್ಷದ ಮೈತ್ರಿ ಇರುವ ಪಕ್ಷಗಳು ಕನ್ನಡ ವಿರೋಧಿ ನಿಲುವು ತಳೆದಿದ್ದು, ಇದಕ್ಕೆ ಕಾಂಗ್ರೆಸ್ ಹೈಕಮಾಂಡ್ ಸ್ಪಷ್ಟನೆ ನೀಡಬೇಕು. ಅಕ್ಕಪಕ್ಕದ ರಾಜ್ಯಗಳಲ್ಲಿ ಕನ್ನಡಿಗರ ಹಿತ ಕಾಪಾಡಲು ಸರ್ಕಾರ ಮುಂದಾಗಬೇಕು.
ಯಾ ಪರವಾಗಿ ಮಿಡಿಯುವ ಎಐಸಿಸಿ ಕಾರ್ಯದರ್ಶಿ ವೇಣುಗೋಪಾಲ್ ಅವರಿಗೆ ಈಗ ಕಾಸರಗೋಡಿನ ಕನ್ನಡಿಗರ ಪರವಾಗಿ ಮಿಡಿಯುವುದಿಲ್ಲವೇ ಎಂದು ಪ್ರಶ್ನಿಸಿದ್ದಾರೆ. ಕರ್ನಾಟಕದ ಸ್ಥಾನಮಾನ ಆತ್ಮಗೌರವಕ್ಕೆ ಪೆಟ್ಟು ಬಿದ್ದರೂ ಕಾಂಗ್ರೆಸ್ ಪಕ್ಷದ ಕೇರಳ ಘಟಕದ ಜೊತೆ ಕನ್ನಡಿಗರ ತಾಳ್ಮೆಯನ್ನು ಪರೀಕ್ಷಿಸುತ್ತಿದೆ. ಕಾಂಗ್ರೆಸ್ ಪಕ್ಷದ ರಾಜಕೀಯ ಲಾಭಕ್ಕಾಗಿ ಕನ್ನಡಿಗರ ಹಿತಾಸಕ್ತಿಯನ್ನು ಬಲಿಕೊಡುತ್ತಿರುವ ಕಾಂಗ್ರೆಸ್ ಪಕ್ಷಕ್ಕೆ ಕನ್ನಡಿಗರು ತಕ್ಕ ಪಾಠ ಕಲಿಸುವ ದಿನಗಳು ದೂರವಿಲ್ಲ ಎಂದು ಅವರು ಸಾಮಾಜಿಕ ಜಾಲತಾಣ ಎಕ್ಸ್‌ನಲ್ಲಿ ಟ್ವೀಟ್ ಮಾಡಿದ್ದಾರೆ.
